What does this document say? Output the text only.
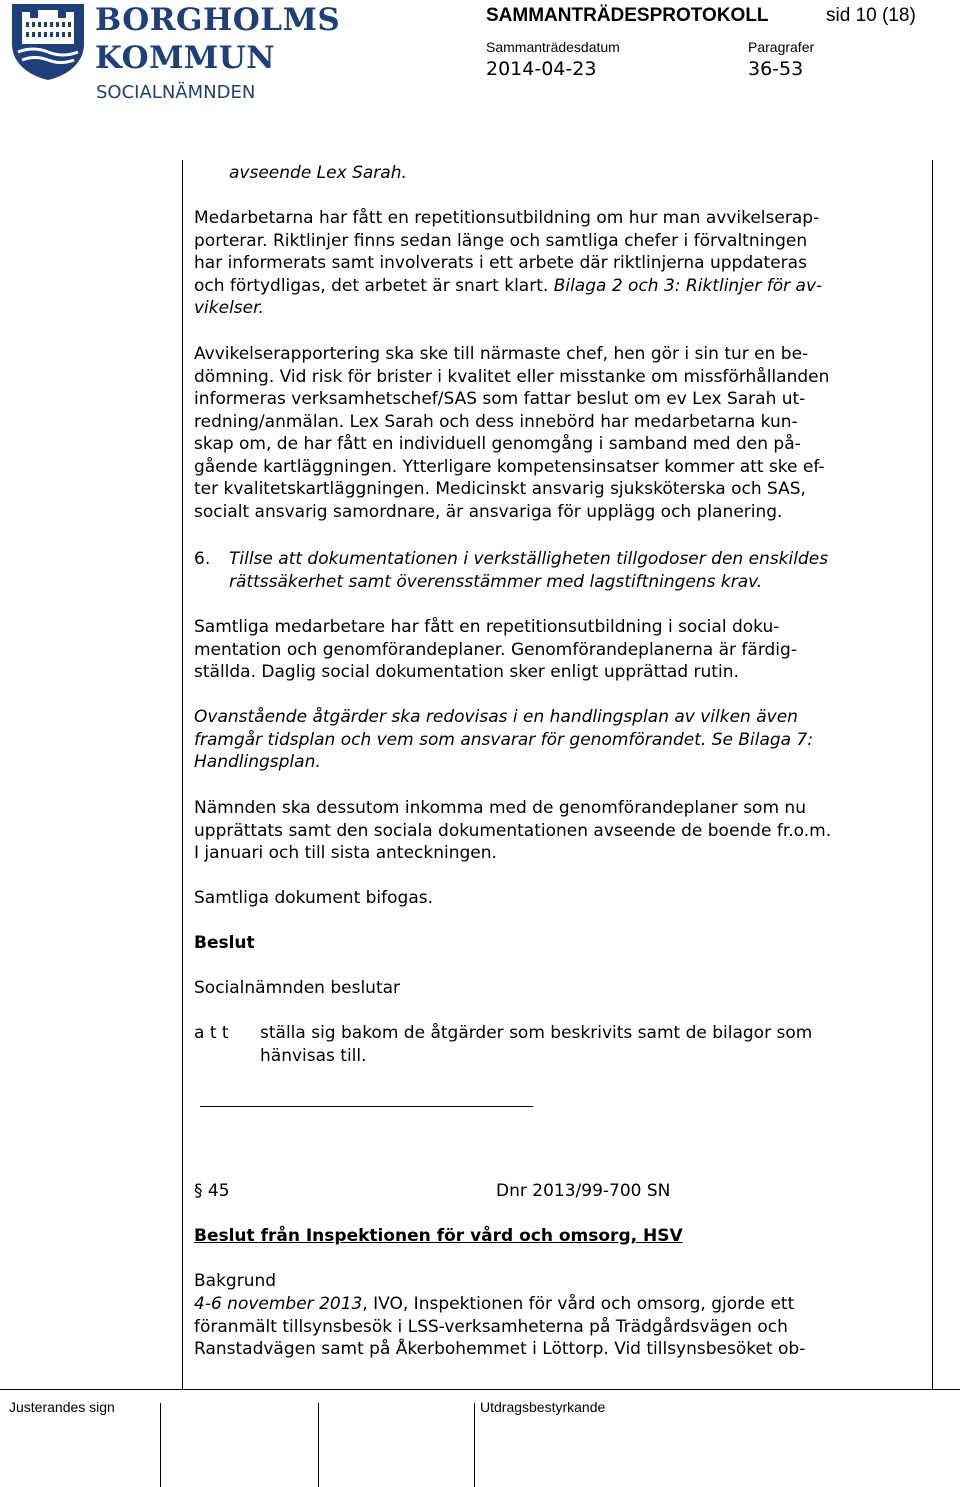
BORGHOLMS
KOMMUN
SOCIALNÄMNDEN
SAMMANTRÄDESPROTOKOLL	sid 10 (18)
Sammanträdesdatum	Paragrafer
2014-04-23	36-53
avseende Lex Sarah.

Medarbetarna har fått en repetitionsutbildning om hur man avvikelserap-

porterar. Riktlinjer finns sedan länge och samtliga chefer i förvaltningen

har informerats samt involverats i ett arbete där riktlinjerna uppdateras

och förtydligas, det arbetet är snart klart. Bilaga 2 och 3: Riktlinjer för av-

vikelser.

Avvikelserapportering ska ske till närmaste chef, hen gör i sin tur en be-

dömning. Vid risk för brister i kvalitet eller misstanke om missförhållanden

informeras verksamhetschef/SAS som fattar beslut om ev Lex Sarah ut-

redning/anmälan. Lex Sarah och dess innebörd har medarbetarna kun-

skap om, de har fått en individuell genomgång i samband med den på-

gående kartläggningen. Ytterligare kompetensinsatser kommer att ske ef-

ter kvalitetskartläggningen. Medicinskt ansvarig sjuksköterska och SAS,

socialt ansvarig samordnare, är ansvariga för upplägg och planering.

6.	Tillse att dokumentationen i verkställigheten tillgodoser den enskildes

rättssäkerhet samt överensstämmer med lagstiftningens krav.

Samtliga medarbetare har fått en repetitionsutbildning i social doku-

mentation och genomförandeplaner. Genomförandeplanerna är färdig-

ställda. Daglig social dokumentation sker enligt upprättad rutin.

Ovanstående åtgärder ska redovisas i en handlingsplan av vilken även

framgår tidsplan och vem som ansvarar för genomförandet. Se Bilaga 7:

Handlingsplan.

Nämnden ska dessutom inkomma med de genomförandeplaner som nu

upprättats samt den sociala dokumentationen avseende de boende fr.o.m.

I januari och till sista anteckningen.

Samtliga dokument bifogas.
Beslut
Socialnämnden beslutar
a t t	ställa sig bakom de åtgärder som beskrivits samt de bilagor som

hänvisas till.

§ 45	Dnr 2013/99-700 SN
Beslut från Inspektionen för vård och omsorg, HSV
Bakgrund

4-6 november 2013, IVO, Inspektionen för vård och omsorg, gjorde ett

föranmält tillsynsbesök i LSS-verksamheterna på Trädgårdsvägen och

Ranstadvägen samt på Åkerbohemmet i Löttorp. Vid tillsynsbesöket ob-

Justerandes sign	Utdragsbestyrkande
